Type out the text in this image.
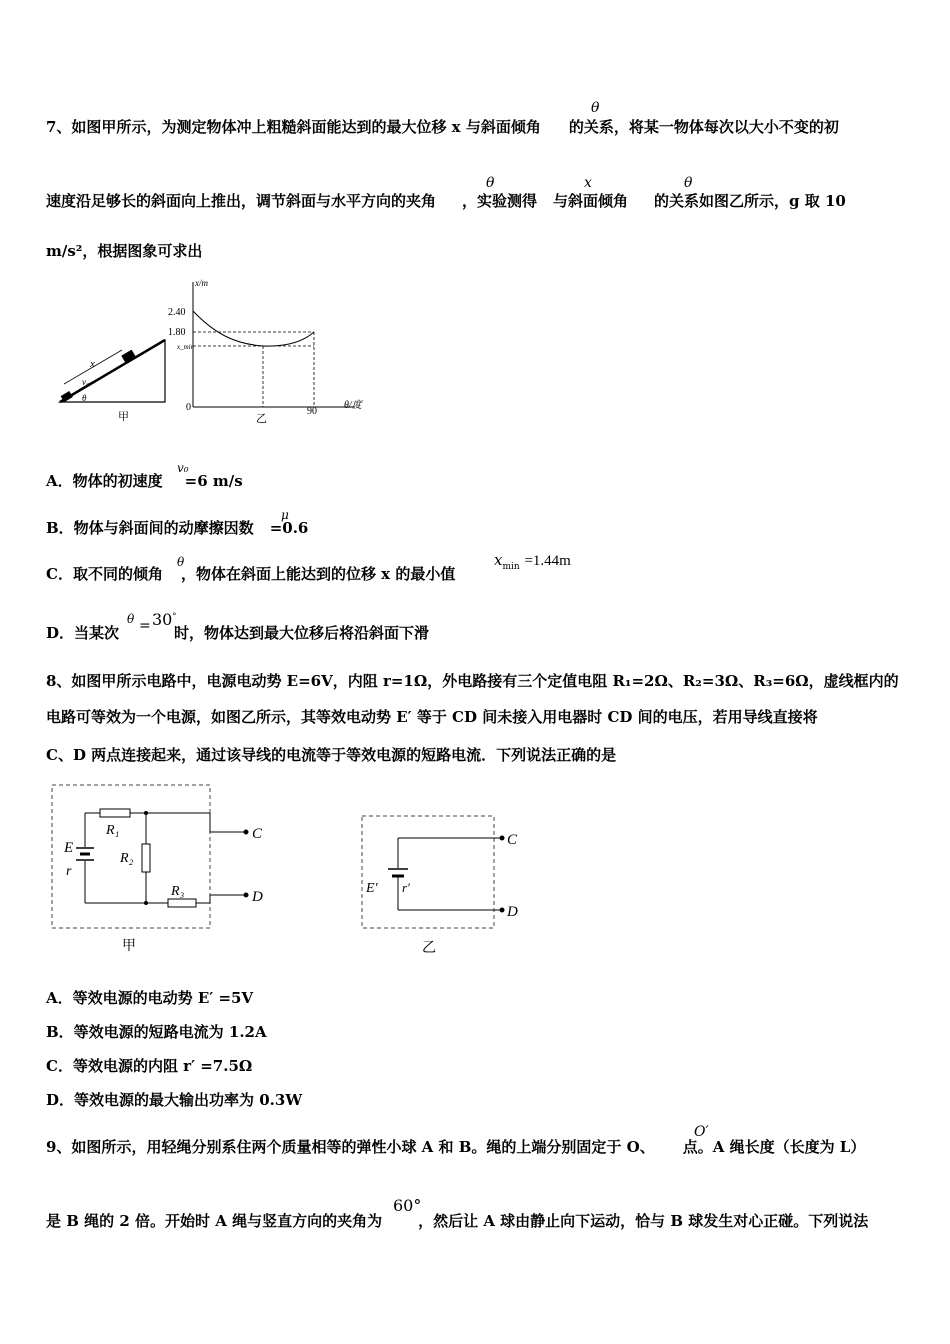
7、如图甲所示，为测定物体冲上粗糙斜面能达到的最大位移 x 与斜面倾角 的关系，将某一物体每次以大小不变的初
θ
速度沿足够长的斜面向上推出，调节斜面与水平方向的夹角 ，实验测得 与斜面倾角 的关系如图乙所示，g 取 10
θ	x	θ
m/s²，根据图象可求出
x
v₀
θ
甲
x/m
θ/度
2.40
1.80
x_min
0	90
乙
A．物体的初速度 =6 m/s
v₀
B．物体与斜面间的动摩擦因数 =0.6
μ
C．取不同的倾角 ，物体在斜面上能达到的位移 x 的最小值
θ	$x_{min} =1.44m$
D．当某次	时，物体达到最大位移后将沿斜面下滑
θ = 30°
8、如图甲所示电路中，电源电动势 E=6V，内阻 r=1Ω，外电路接有三个定值电阻 R₁=2Ω、R₂=3Ω、R₃=6Ω，虚线框内的
电路可等效为一个电源，如图乙所示，其等效电动势 E′ 等于 CD 间未接入用电器时 CD 间的电压，若用导线直接将
C、D 两点连接起来，通过该导线的电流等于等效电源的短路电流．下列说法正确的是
E
r
R₁
R₂
R₃
C
D
甲
C
D
E′ r′
乙
A．等效电源的电动势 E′ =5V
B．等效电源的短路电流为 1.2A
C．等效电源的内阻 r′ =7.5Ω
D．等效电源的最大输出功率为 0.3W
9、如图所示，用轻绳分别系住两个质量相等的弹性小球 A 和 B。绳的上端分别固定于 O、 点。A 绳长度（长度为 L）
O′
是 B 绳的 2 倍。开始时 A 绳与竖直方向的夹角为 ，然后让 A 球由静止向下运动，恰与 B 球发生对心正碰。下列说法
60°
